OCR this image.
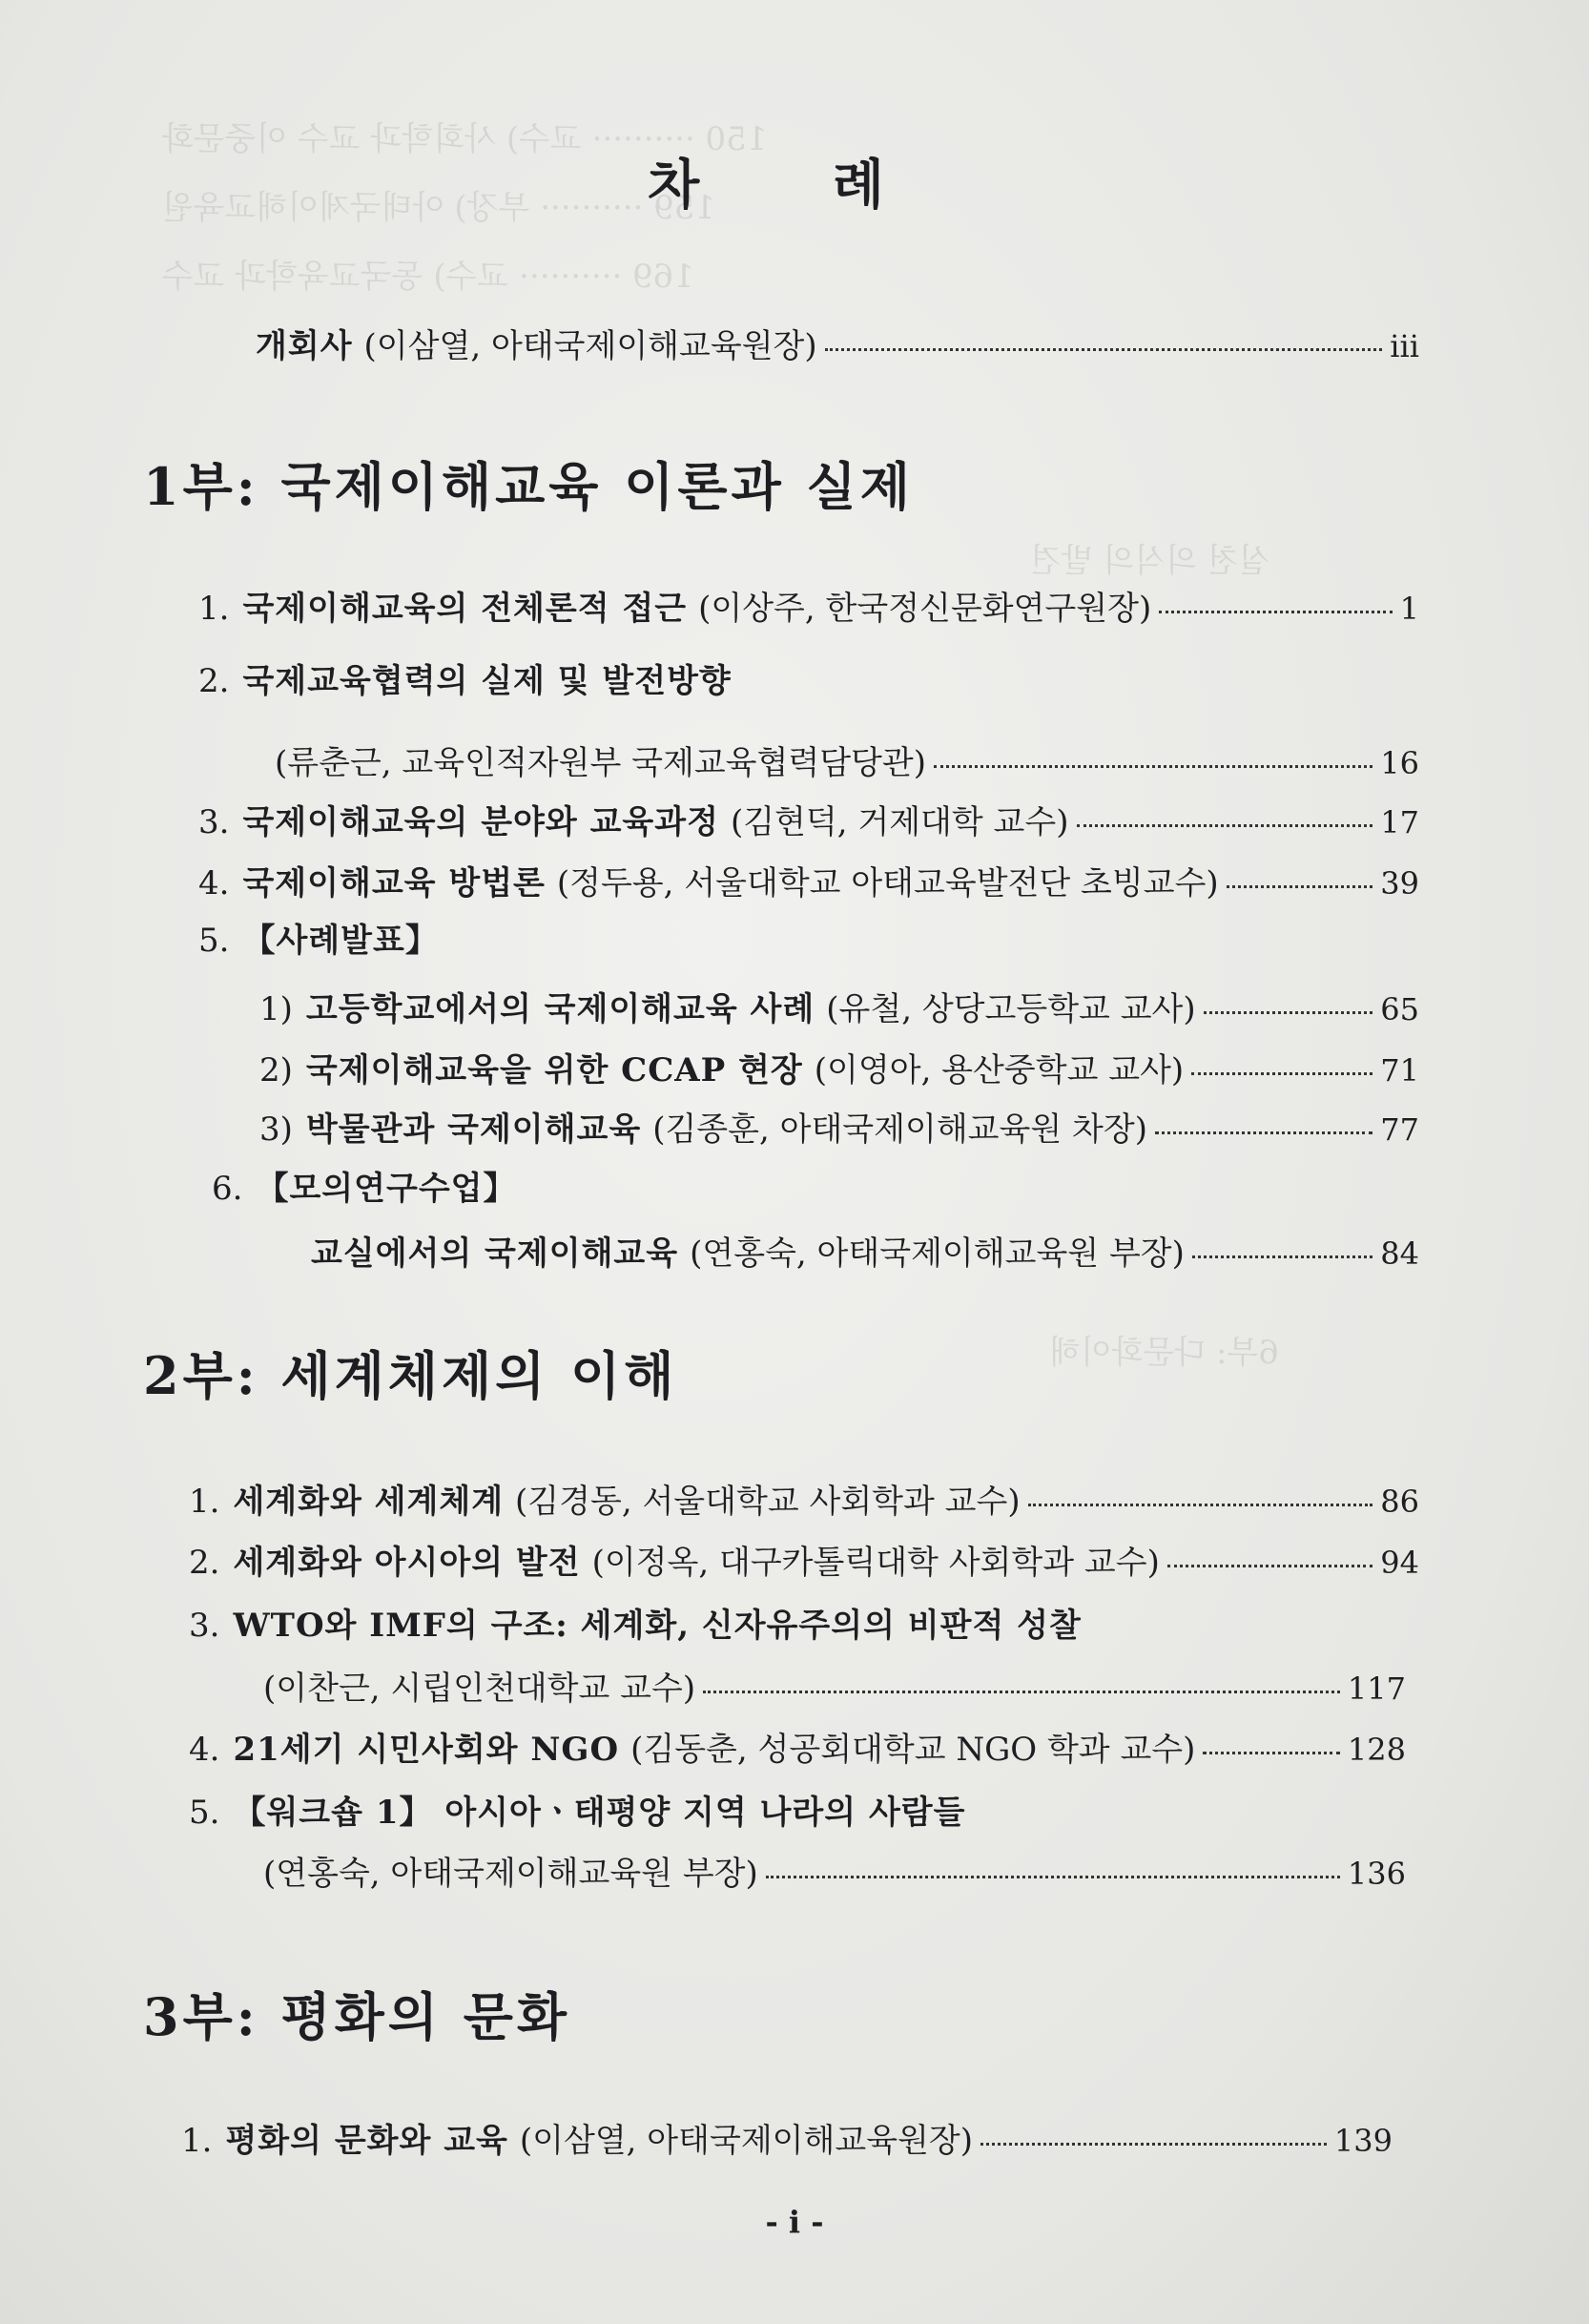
150 ·········· 교수) 사회학과 교수 이중문화
159 ·········· 부장) 아태국제이해교육원
169 ·········· 교수) 동국교육학과 교수
실천 의식의 발견
6부: 다문화이해
차 례
개회사 (이삼열, 아태국제이해교육원장)	iii
1부: 국제이해교육 이론과 실제
1. 국제이해교육의 전체론적 접근 (이상주, 한국정신문화연구원장)	1
2. 국제교육협력의 실제 및 발전방향
(류춘근, 교육인적자원부 국제교육협력담당관)	16
3. 국제이해교육의 분야와 교육과정 (김현덕, 거제대학 교수)	17
4. 국제이해교육 방법론 (정두용, 서울대학교 아태교육발전단 초빙교수)	39
5. 【사례발표】
1) 고등학교에서의 국제이해교육 사례 (유철, 상당고등학교 교사)	65
2) 국제이해교육을 위한 CCAP 현장 (이영아, 용산중학교 교사)	71
3) 박물관과 국제이해교육 (김종훈, 아태국제이해교육원 차장)	77
6. 【모의연구수업】
교실에서의 국제이해교육 (연홍숙, 아태국제이해교육원 부장)	84
2부: 세계체제의 이해
1. 세계화와 세계체계 (김경동, 서울대학교 사회학과 교수)	86
2. 세계화와 아시아의 발전 (이정옥, 대구카톨릭대학 사회학과 교수)	94
3. WTO와 IMF의 구조: 세계화, 신자유주의의 비판적 성찰
(이찬근, 시립인천대학교 교수)	117
4. 21세기 시민사회와 NGO (김동춘, 성공회대학교 NGO 학과 교수)	128
5. 【워크숍 1】 아시아ㆍ태평양 지역 나라의 사람들
(연홍숙, 아태국제이해교육원 부장)	136
3부: 평화의 문화
1. 평화의 문화와 교육 (이삼열, 아태국제이해교육원장)	139
- i -
